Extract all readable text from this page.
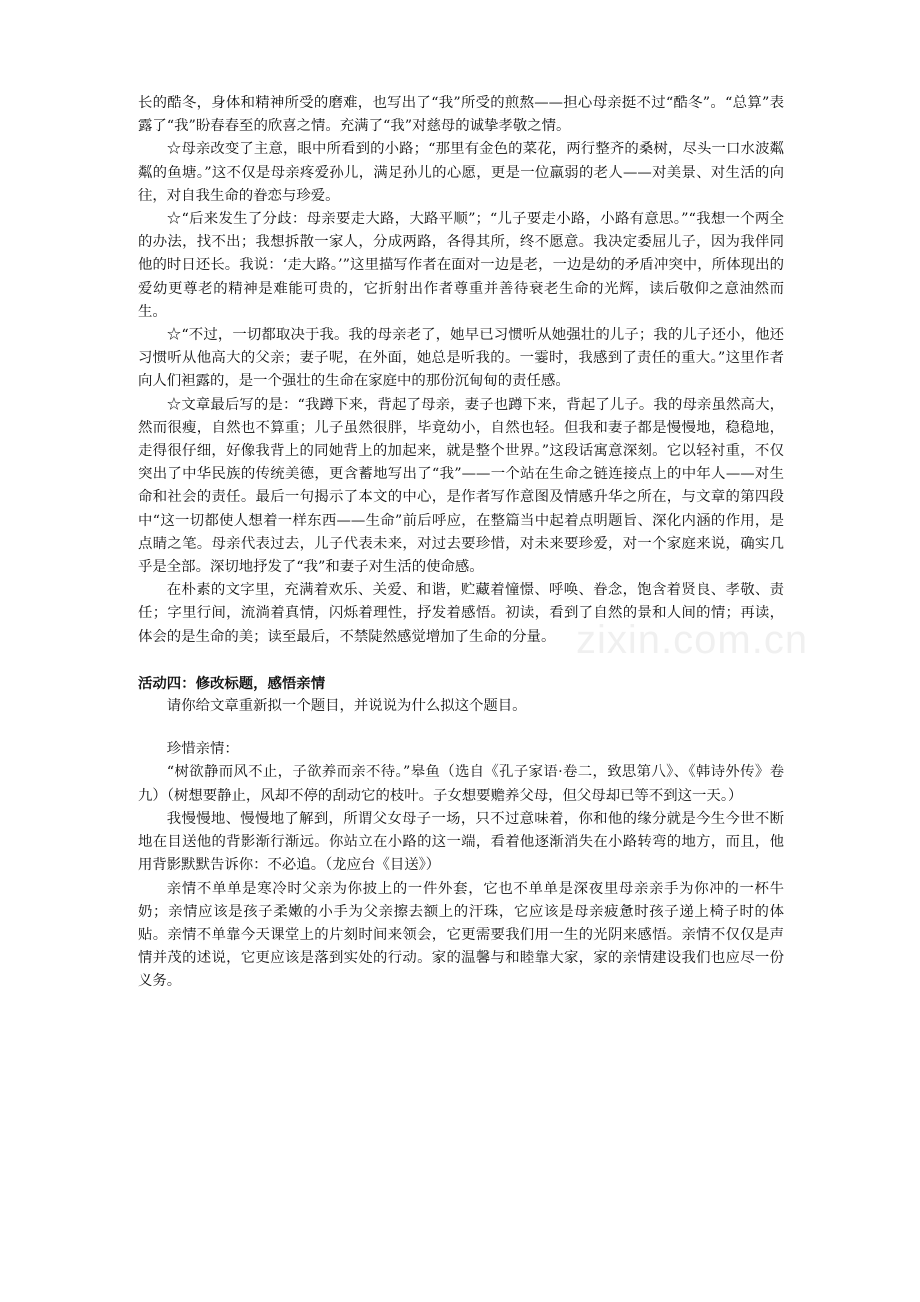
长的酷冬，身体和精神所受的磨难，也写出了“我”所受的煎熬——担心母亲挺不过“酷冬”。“总算”表露了“我”盼春春至的欣喜之情。充满了“我”对慈母的诚挚孝敬之情。

☆母亲改变了主意，眼中所看到的小路；“那里有金色的菜花，两行整齐的桑树，尽头一口水波粼粼的鱼塘。”这不仅是母亲疼爱孙儿，满足孙儿的心愿，更是一位羸弱的老人——对美景、对生活的向往，对自我生命的眷恋与珍爱。

☆“后来发生了分歧：母亲要走大路，大路平顺”；“儿子要走小路，小路有意思。”“我想一个两全的办法，找不出；我想拆散一家人，分成两路，各得其所，终不愿意。我决定委屈儿子，因为我伴同他的时日还长。我说：‘走大路。’”这里描写作者在面对一边是老，一边是幼的矛盾冲突中，所体现出的爱幼更尊老的精神是难能可贵的，它折射出作者尊重并善待衰老生命的光辉，读后敬仰之意油然而生。

☆“不过，一切都取决于我。我的母亲老了，她早已习惯听从她强壮的儿子；我的儿子还小，他还习惯听从他高大的父亲；妻子呢，在外面，她总是听我的。一霎时，我感到了责任的重大。”这里作者向人们袒露的，是一个强壮的生命在家庭中的那份沉甸甸的责任感。

☆文章最后写的是：“我蹲下来，背起了母亲，妻子也蹲下来，背起了儿子。我的母亲虽然高大，然而很瘦，自然也不算重；儿子虽然很胖，毕竟幼小，自然也轻。但我和妻子都是慢慢地，稳稳地，走得很仔细，好像我背上的同她背上的加起来，就是整个世界。”这段话寓意深刻。它以轻衬重，不仅突出了中华民族的传统美德，更含蓄地写出了“我”——一个站在生命之链连接点上的中年人——对生命和社会的责任。最后一句揭示了本文的中心，是作者写作意图及情感升华之所在，与文章的第四段中“这一切都使人想着一样东西——生命”前后呼应，在整篇当中起着点明题旨、深化内涵的作用，是点睛之笔。母亲代表过去，儿子代表未来，对过去要珍惜，对未来要珍爱，对一个家庭来说，确实几乎是全部。深切地抒发了“我”和妻子对生活的使命感。

在朴素的文字里，充满着欢乐、关爱、和谐，贮藏着憧憬、呼唤、眷念，饱含着贤良、孝敬、责任；字里行间，流淌着真情，闪烁着理性，抒发着感悟。初读，看到了自然的景和人间的情；再读，体会的是生命的美；读至最后，不禁陡然感觉增加了生命的分量。

活动四：修改标题，感悟亲情

请你给文章重新拟一个题目，并说说为什么拟这个题目。

珍惜亲情：

“树欲静而风不止，子欲养而亲不待。”皋鱼（选自《孔子家语·卷二，致思第八》、《韩诗外传》卷九）（树想要静止，风却不停的刮动它的枝叶。子女想要赡养父母，但父母却已等不到这一天。）

我慢慢地、慢慢地了解到，所谓父女母子一场，只不过意味着，你和他的缘分就是今生今世不断地在目送他的背影渐行渐远。你站立在小路的这一端，看着他逐渐消失在小路转弯的地方，而且，他用背影默默告诉你：不必追。（龙应台《目送》）

亲情不单单是寒冷时父亲为你披上的一件外套，它也不单单是深夜里母亲亲手为你冲的一杯牛奶；亲情应该是孩子柔嫩的小手为父亲擦去额上的汗珠，它应该是母亲疲惫时孩子递上椅子时的体贴。亲情不单靠今天课堂上的片刻时间来领会，它更需要我们用一生的光阴来感悟。亲情不仅仅是声情并茂的述说，它更应该是落到实处的行动。家的温馨与和睦靠大家，家的亲情建设我们也应尽一份义务。

zixin.com.cn
